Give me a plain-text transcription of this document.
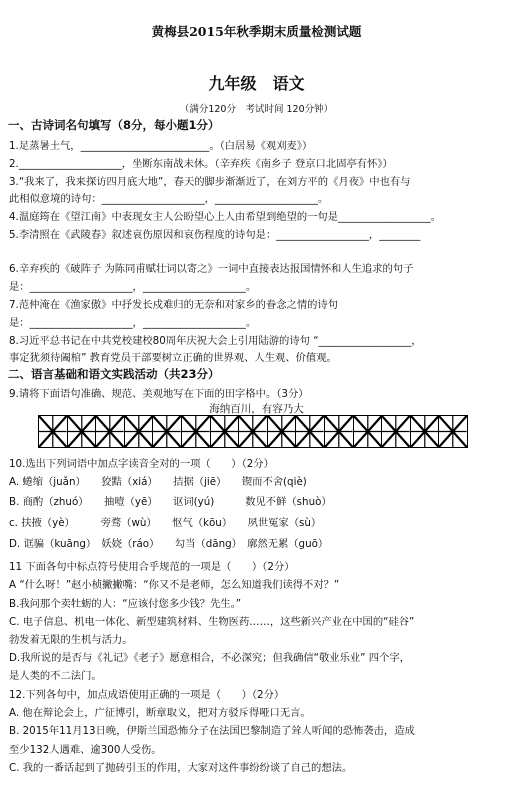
黄梅县2015年秋季期末质量检测试题
九年级　语文
（满分120分　考试时间 120分钟）
一、古诗词名句填写（8分，每小题1分）
1.足蒸暑土气，_________________________。（白居易《观刈麦》）
2.____________________，坐断东南战未休。（辛弃疾《南乡子 登京口北固亭有怀》）
3.“我来了，我来探访四月底大地”，春天的脚步渐渐近了，在刘方平的《月夜》中也有与
此相似意境的诗句：____________________，____________________。
4.温庭筠在《望江南》中表现女主人公盼望心上人由希望到绝望的一句是__________________。
5.李清照在《武陵春》叙述哀伤原因和哀伤程度的诗句是：__________________，________
6.辛弃疾的《破阵子 为陈同甫赋壮词以寄之》一词中直接表达报国情怀和人生追求的句子
是：____________________，____________________。
7.范仲淹在《渔家傲》中抒发长戍难归的无奈和对家乡的眷念之情的诗句
是：____________________，____________________。
8.习近平总书记在中共党校建校80周年庆祝大会上引用陆游的诗句 “__________________，
事定犹须待阖棺” 教育党员干部要树立正确的世界观、人生观、价值观。
二、语言基础和语文实践活动（共23分）
9.请将下面语句准确、规范、美观地写在下面的田字格中。（3分）
海纳百川，有容乃大
10.选出下列词语中加点字读音全对的一项（　　）（2分）
A. 蜷缩（juǎn）　　狡黠（xiá）　　拮据（jiē）　　锲而不舍(qiè)
B. 商酌（zhuó）　　抽噎（yē）　　讴词(yú)　　　数见不鲜（shuò）
c. 扶掖（yè）　　　旁骛（wù）　　怄气（kōu）　　夙世冤家（sù）
D. 诓骗（kuāng）　妖娆（ráo）　　勾当（dāng）　廓然无累（guō）
11 下面各句中标点符号使用合乎规范的一项是（　　）（2分）
A “什么呀！”赵小桢撇撇嘴：“你又不是老师，怎么知道我们读得不对？”
B.我问那个卖牡蛎的人：“应该付您多少钱？先生。”
C. 电子信息、机电一体化、新型建筑材料、生物医药……，这些新兴产业在中国的“硅谷”
勃发着无限的生机与活力。
D.我所说的是否与《礼记》《老子》愿意相合，不必深究；但我确信“敬业乐业” 四个字，
是人类的不二法门。
12.下列各句中，加点成语使用正确的一项是（　　）（2分）
A. 他在辩论会上，广征博引，断章取义，把对方驳斥得哑口无言。
B. 2015年11月13日晚，伊斯兰国恐怖分子在法国巴黎制造了耸人听闻的恐怖袭击，造成
至少132人遇难、逾300人受伤。
C. 我的一番话起到了抛砖引玉的作用，大家对这件事纷纷谈了自己的想法。
